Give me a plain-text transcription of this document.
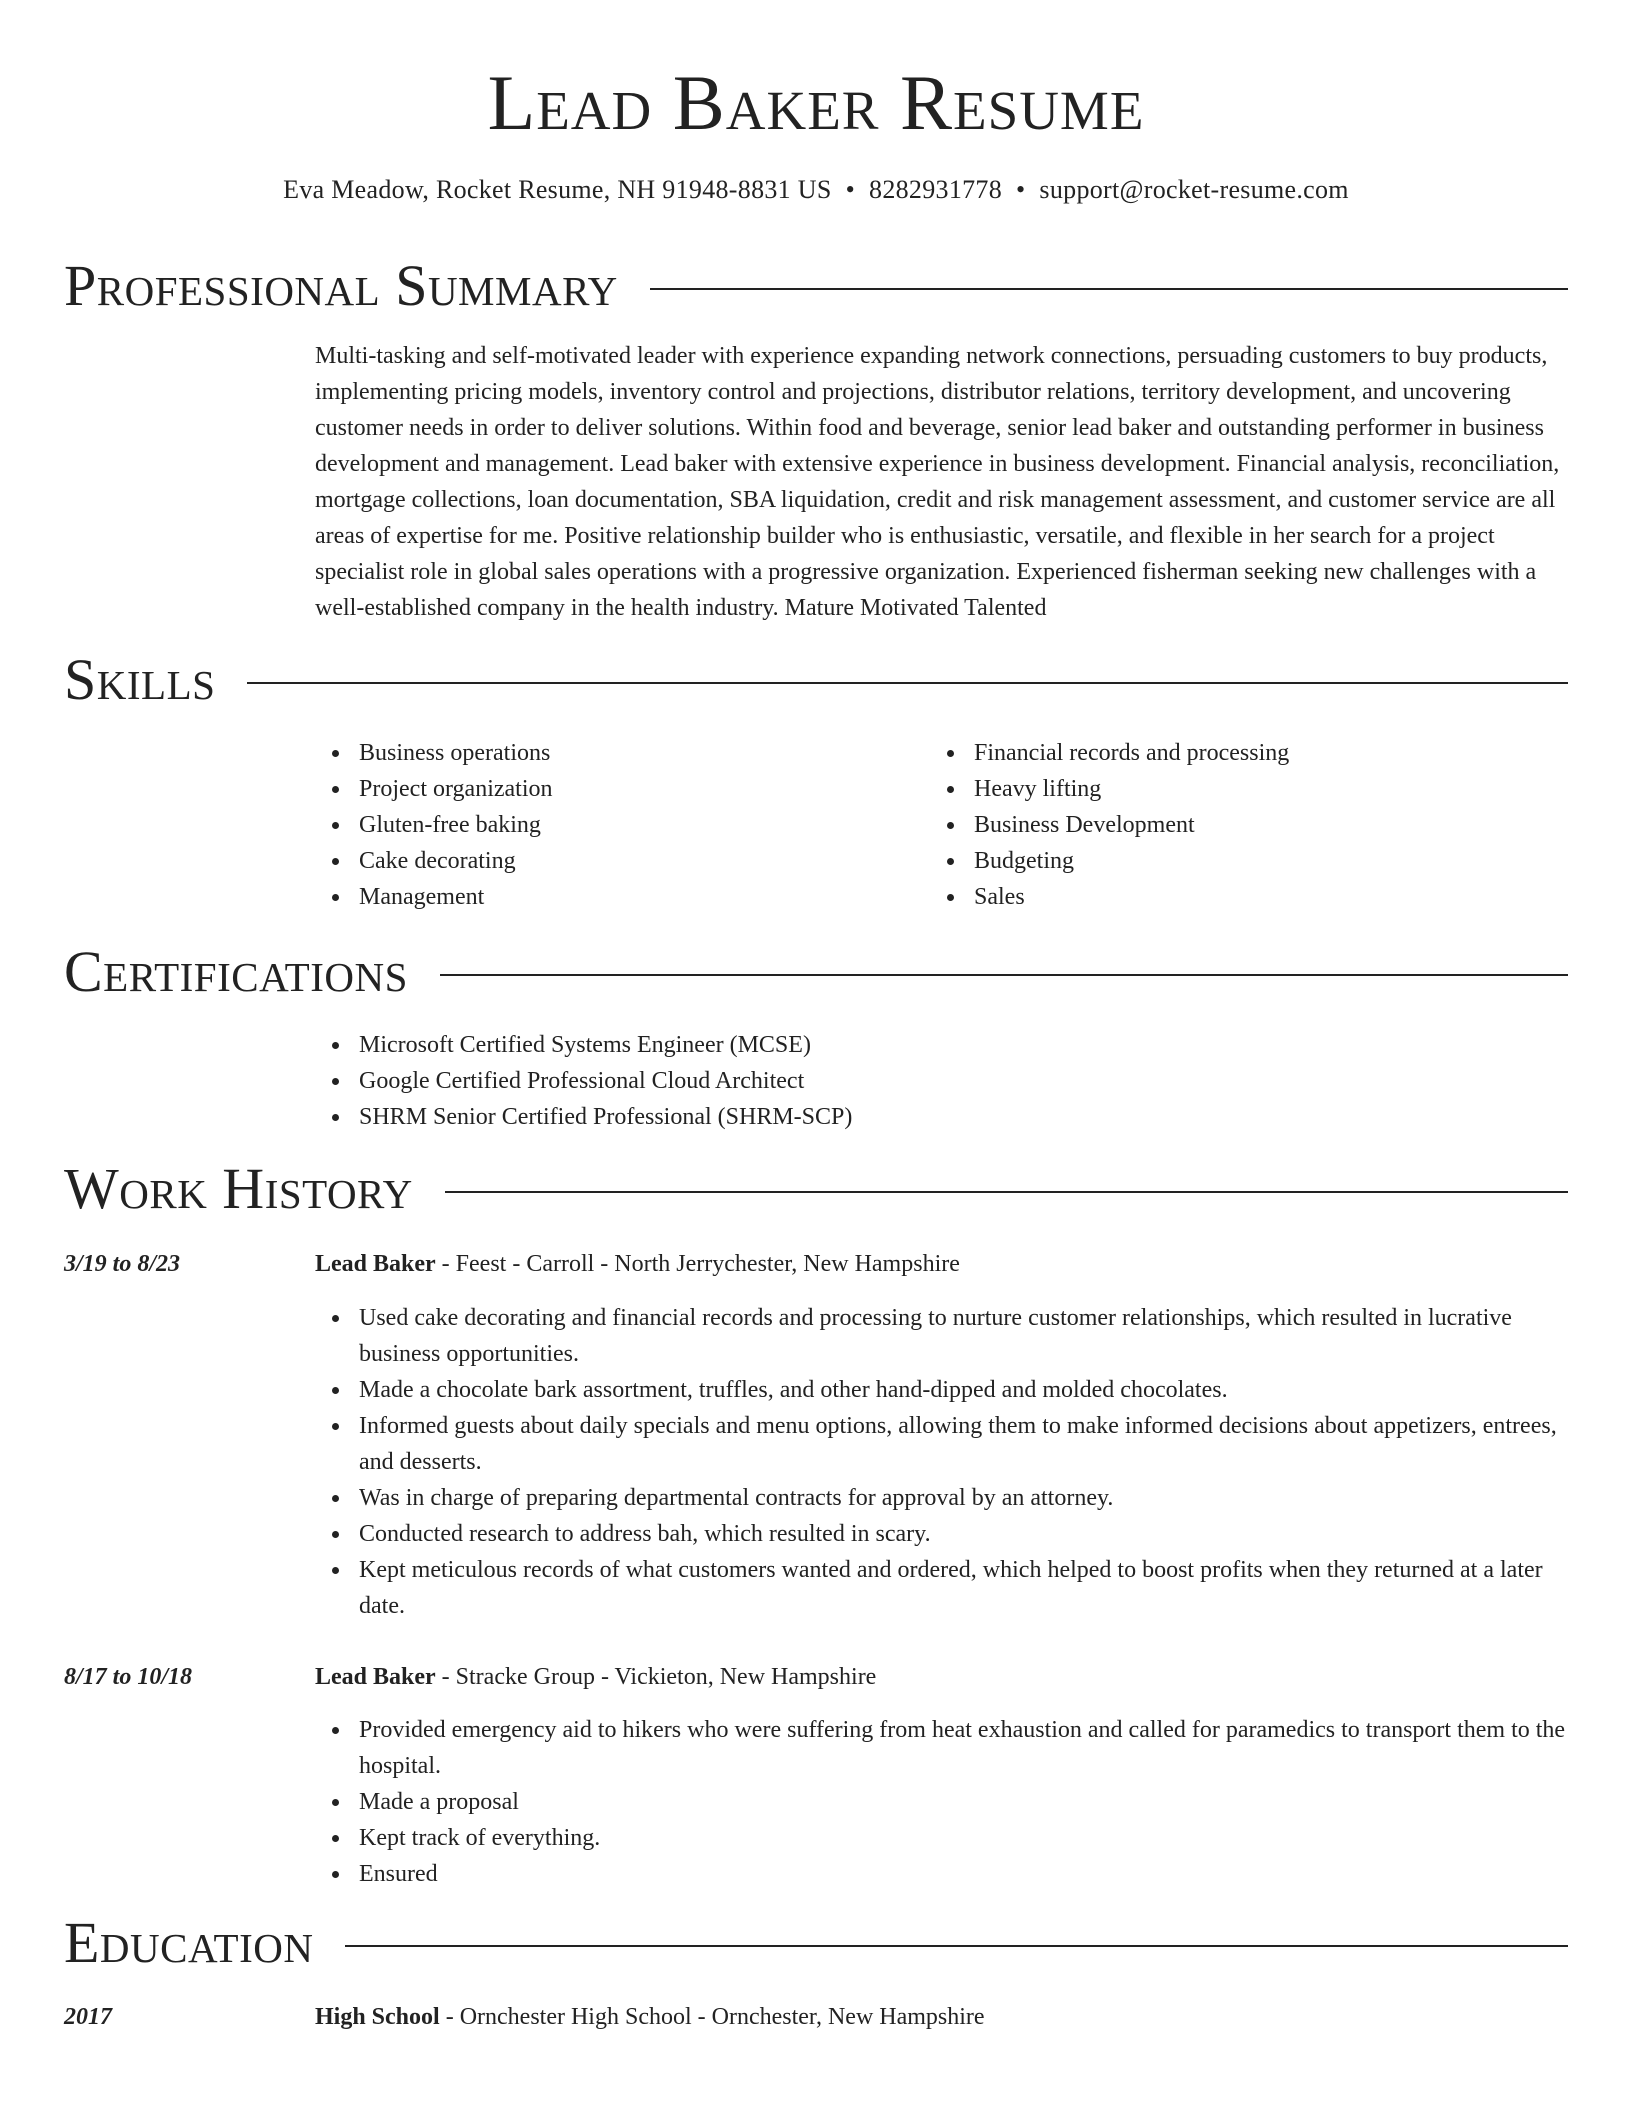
Lead Baker Resume
Eva Meadow, Rocket Resume, NH 91948-8831 US • 8282931778 • support@rocket-resume.com
Professional Summary

Multi-tasking and self-motivated leader with experience expanding network connections, persuading customers to buy products, implementing pricing models, inventory control and projections, distributor relations, territory development, and uncovering customer needs in order to deliver solutions. Within food and beverage, senior lead baker and outstanding performer in business development and management. Lead baker with extensive experience in business development. Financial analysis, reconciliation, mortgage collections, loan documentation, SBA liquidation, credit and risk management assessment, and customer service are all areas of expertise for me. Positive relationship builder who is enthusiastic, versatile, and flexible in her search for a project specialist role in global sales operations with a progressive organization. Experienced fisherman seeking new challenges with a well-established company in the health industry. Mature Motivated Talented

Skills
Business operations
Project organization
Gluten-free baking
Cake decorating
Management
Financial records and processing
Heavy lifting
Business Development
Budgeting
Sales
Certifications
Microsoft Certified Systems Engineer (MCSE)
Google Certified Professional Cloud Architect
SHRM Senior Certified Professional (SHRM-SCP)
Work History
3/19 to 8/23	Lead Baker - Feest - Carroll - North Jerrychester, New Hampshire
Used cake decorating and financial records and processing to nurture customer relationships, which resulted in lucrative business opportunities.
Made a chocolate bark assortment, truffles, and other hand-dipped and molded chocolates.
Informed guests about daily specials and menu options, allowing them to make informed decisions about appetizers, entrees, and desserts.
Was in charge of preparing departmental contracts for approval by an attorney.
Conducted research to address bah, which resulted in scary.
Kept meticulous records of what customers wanted and ordered, which helped to boost profits when they returned at a later date.
8/17 to 10/18	Lead Baker - Stracke Group - Vickieton, New Hampshire
Provided emergency aid to hikers who were suffering from heat exhaustion and called for paramedics to transport them to the hospital.
Made a proposal
Kept track of everything.
Ensured
Education
2017	High School - Ornchester High School - Ornchester, New Hampshire
